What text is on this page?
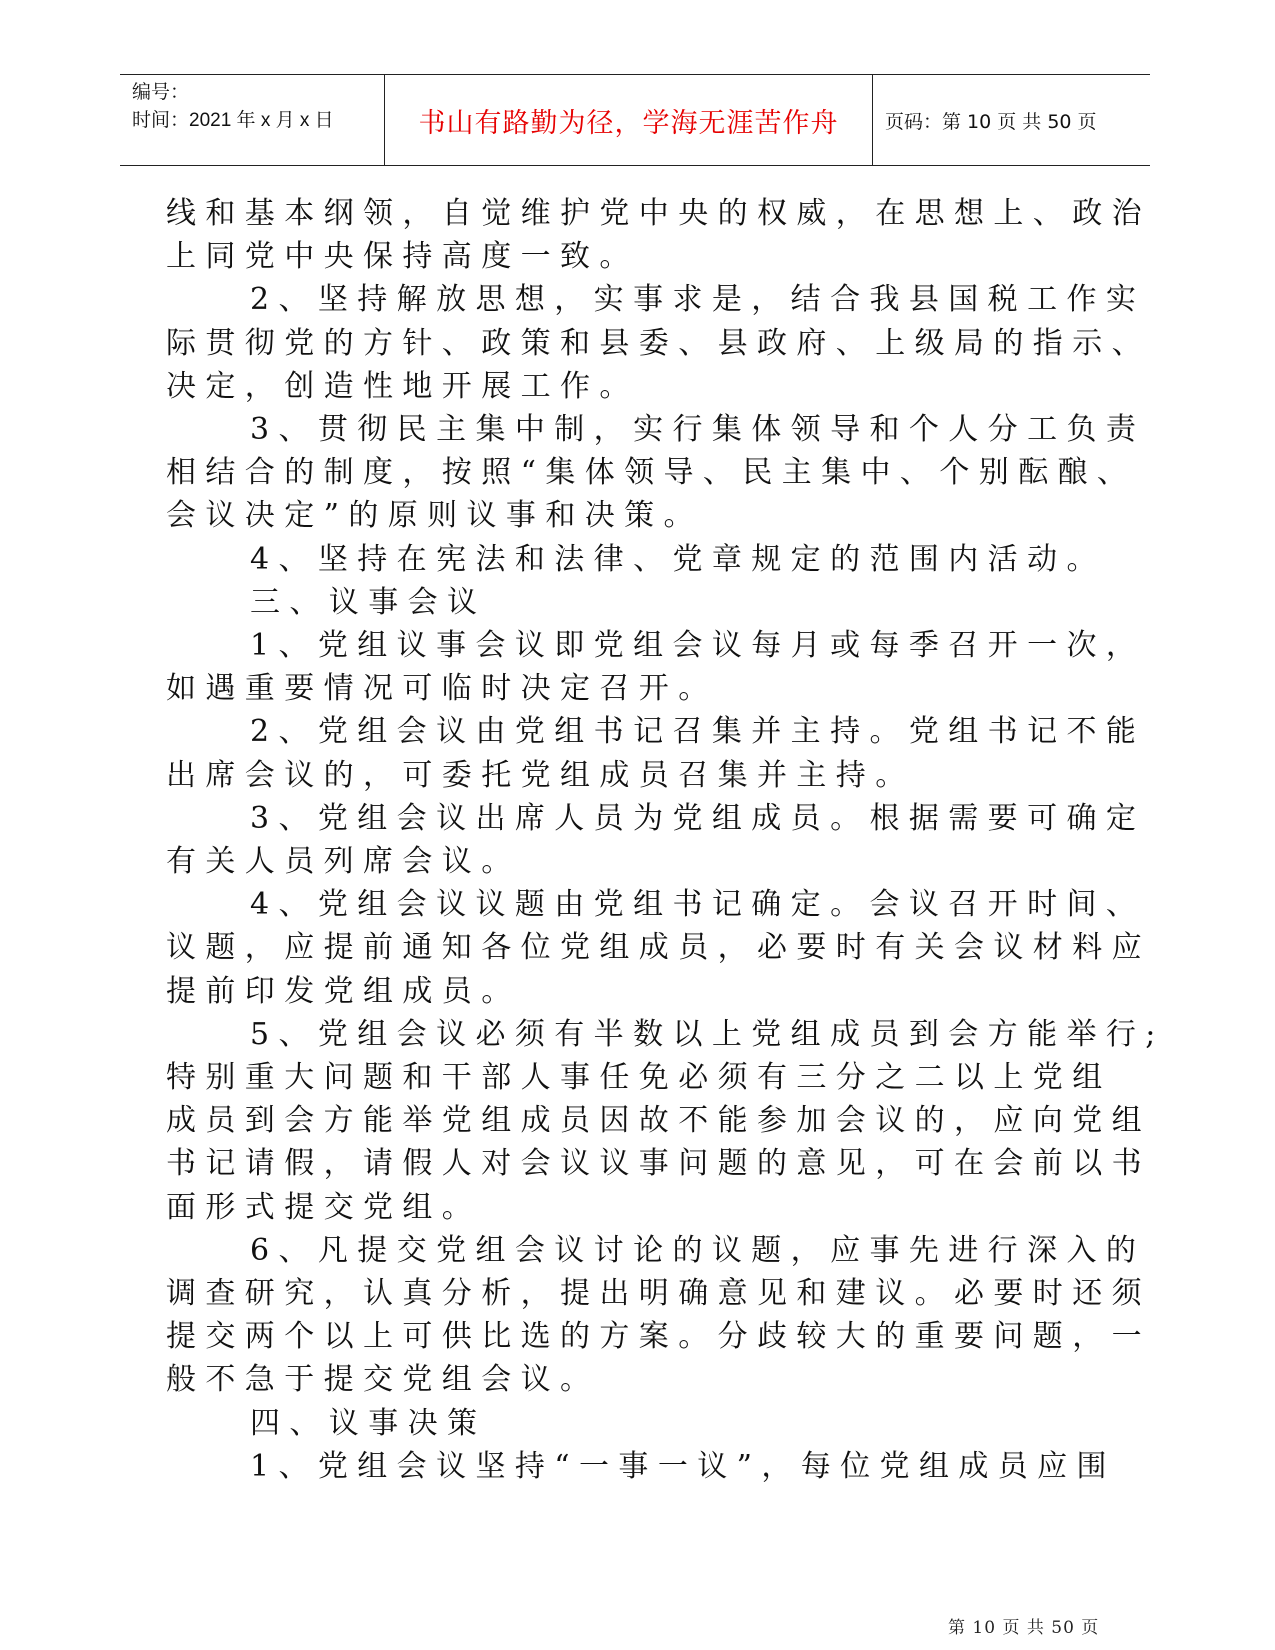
编号：
时间：2021 年 x 月 x 日	书山有路勤为径，学海无涯苦作舟	页码：第 10 页 共 50 页

线和基本纲领，自觉维护党中央的权威，在思想上、政治

上同党中央保持高度一致。

2、坚持解放思想，实事求是，结合我县国税工作实

际贯彻党的方针、政策和县委、县政府、上级局的指示、

决定，创造性地开展工作。

3、贯彻民主集中制，实行集体领导和个人分工负责

相结合的制度，按照“集体领导、民主集中、个别酝酿、

会议决定”的原则议事和决策。

4、坚持在宪法和法律、党章规定的范围内活动。

三、议事会议

1、党组议事会议即党组会议每月或每季召开一次，

如遇重要情况可临时决定召开。

2、党组会议由党组书记召集并主持。党组书记不能

出席会议的，可委托党组成员召集并主持。

3、党组会议出席人员为党组成员。根据需要可确定

有关人员列席会议。

4、党组会议议题由党组书记确定。会议召开时间、

议题，应提前通知各位党组成员，必要时有关会议材料应

提前印发党组成员。

5、党组会议必须有半数以上党组成员到会方能举行;

特别重大问题和干部人事任免必须有三分之二以上党组

成员到会方能举党组成员因故不能参加会议的，应向党组

书记请假，请假人对会议议事问题的意见，可在会前以书

面形式提交党组。

6、凡提交党组会议讨论的议题，应事先进行深入的

调查研究，认真分析，提出明确意见和建议。必要时还须

提交两个以上可供比选的方案。分歧较大的重要问题，一

般不急于提交党组会议。

四、议事决策

1、党组会议坚持“一事一议”，每位党组成员应围

第 10 页 共 50 页
